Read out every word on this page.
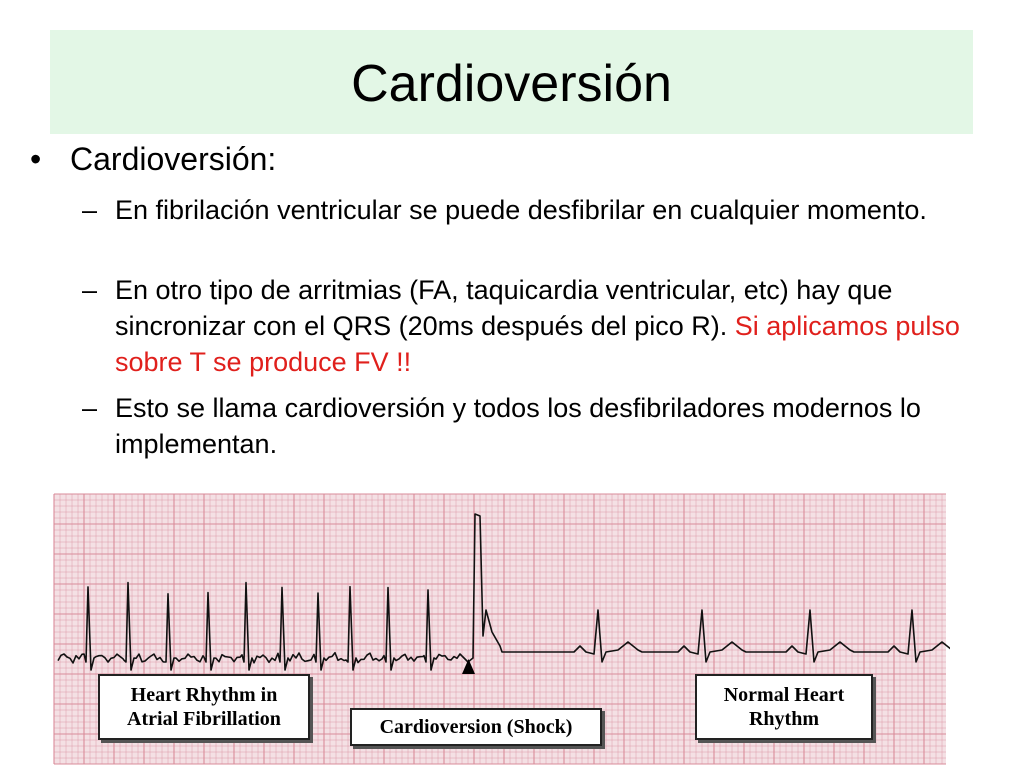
Cardioversión
• Cardioversión:
– En fibrilación ventricular se puede desfibrilar en cualquier momento.
– En otro tipo de arritmias (FA, taquicardia ventricular, etc) hay que sincronizar con el QRS (20ms después del pico R). Si aplicamos pulso sobre T se produce FV !!
– Esto se llama cardioversión y todos los desfibriladores modernos lo implementan.
Heart Rhythm in
Atrial Fibrillation	Cardioversion (Shock)
Normal Heart
Rhythm
